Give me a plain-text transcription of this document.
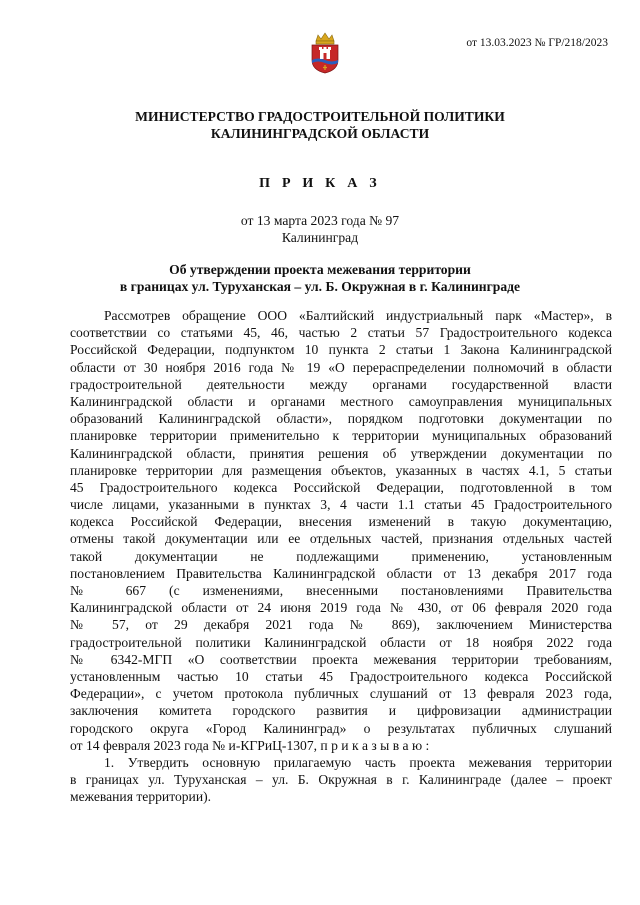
от 13.03.2023 № ГР/218/2023
МИНИСТЕРСТВО ГРАДОСТРОИТЕЛЬНОЙ ПОЛИТИКИ
КАЛИНИНГРАДСКОЙ ОБЛАСТИ
П Р И К А З
от 13 марта 2023 года № 97
Калининград
Об утверждении проекта межевания территории
в границах ул. Туруханская – ул. Б. Окружная в г. Калининграде
Рассмотрев обращение ООО «Балтийский индустриальный парк «Мастер», в
соответствии со статьями 45, 46, частью 2 статьи 57 Градостроительного кодекса
Российской Федерации, подпунктом 10 пункта 2 статьи 1 Закона Калининградской
области от 30 ноября 2016 года № 19 «О перераспределении полномочий в области
градостроительной деятельности между органами государственной власти
Калининградской области и органами местного самоуправления муниципальных
образований Калининградской области», порядком подготовки документации по
планировке территории применительно к территории муниципальных образований
Калининградской области, принятия решения об утверждении документации по
планировке территории для размещения объектов, указанных в частях 4.1, 5 статьи
45 Градостроительного кодекса Российской Федерации, подготовленной в том
числе лицами, указанными в пунктах 3, 4 части 1.1 статьи 45 Градостроительного
кодекса Российской Федерации, внесения изменений в такую документацию,
отмены такой документации или ее отдельных частей, признания отдельных частей
такой документации не подлежащими применению, установленным
постановлением Правительства Калининградской области от 13 декабря 2017 года
№ 667 (с изменениями, внесенными постановлениями Правительства
Калининградской области от 24 июня 2019 года № 430, от 06 февраля 2020 года
№ 57, от 29 декабря 2021 года № 869), заключением Министерства
градостроительной политики Калининградской области от 18 ноября 2022 года
№ 6342-МГП «О соответствии проекта межевания территории требованиям,
установленным частью 10 статьи 45 Градостроительного кодекса Российской
Федерации», с учетом протокола публичных слушаний от 13 февраля 2023 года,
заключения комитета городского развития и цифровизации администрации
городского округа «Город Калининград» о результатах публичных слушаний
от 14 февраля 2023 года № и-КГРиЦ-1307, п р и к а з ы в а ю :
1. Утвердить основную прилагаемую часть проекта межевания территории
в границах ул. Туруханская – ул. Б. Окружная в г. Калининграде (далее – проект
межевания территории).
